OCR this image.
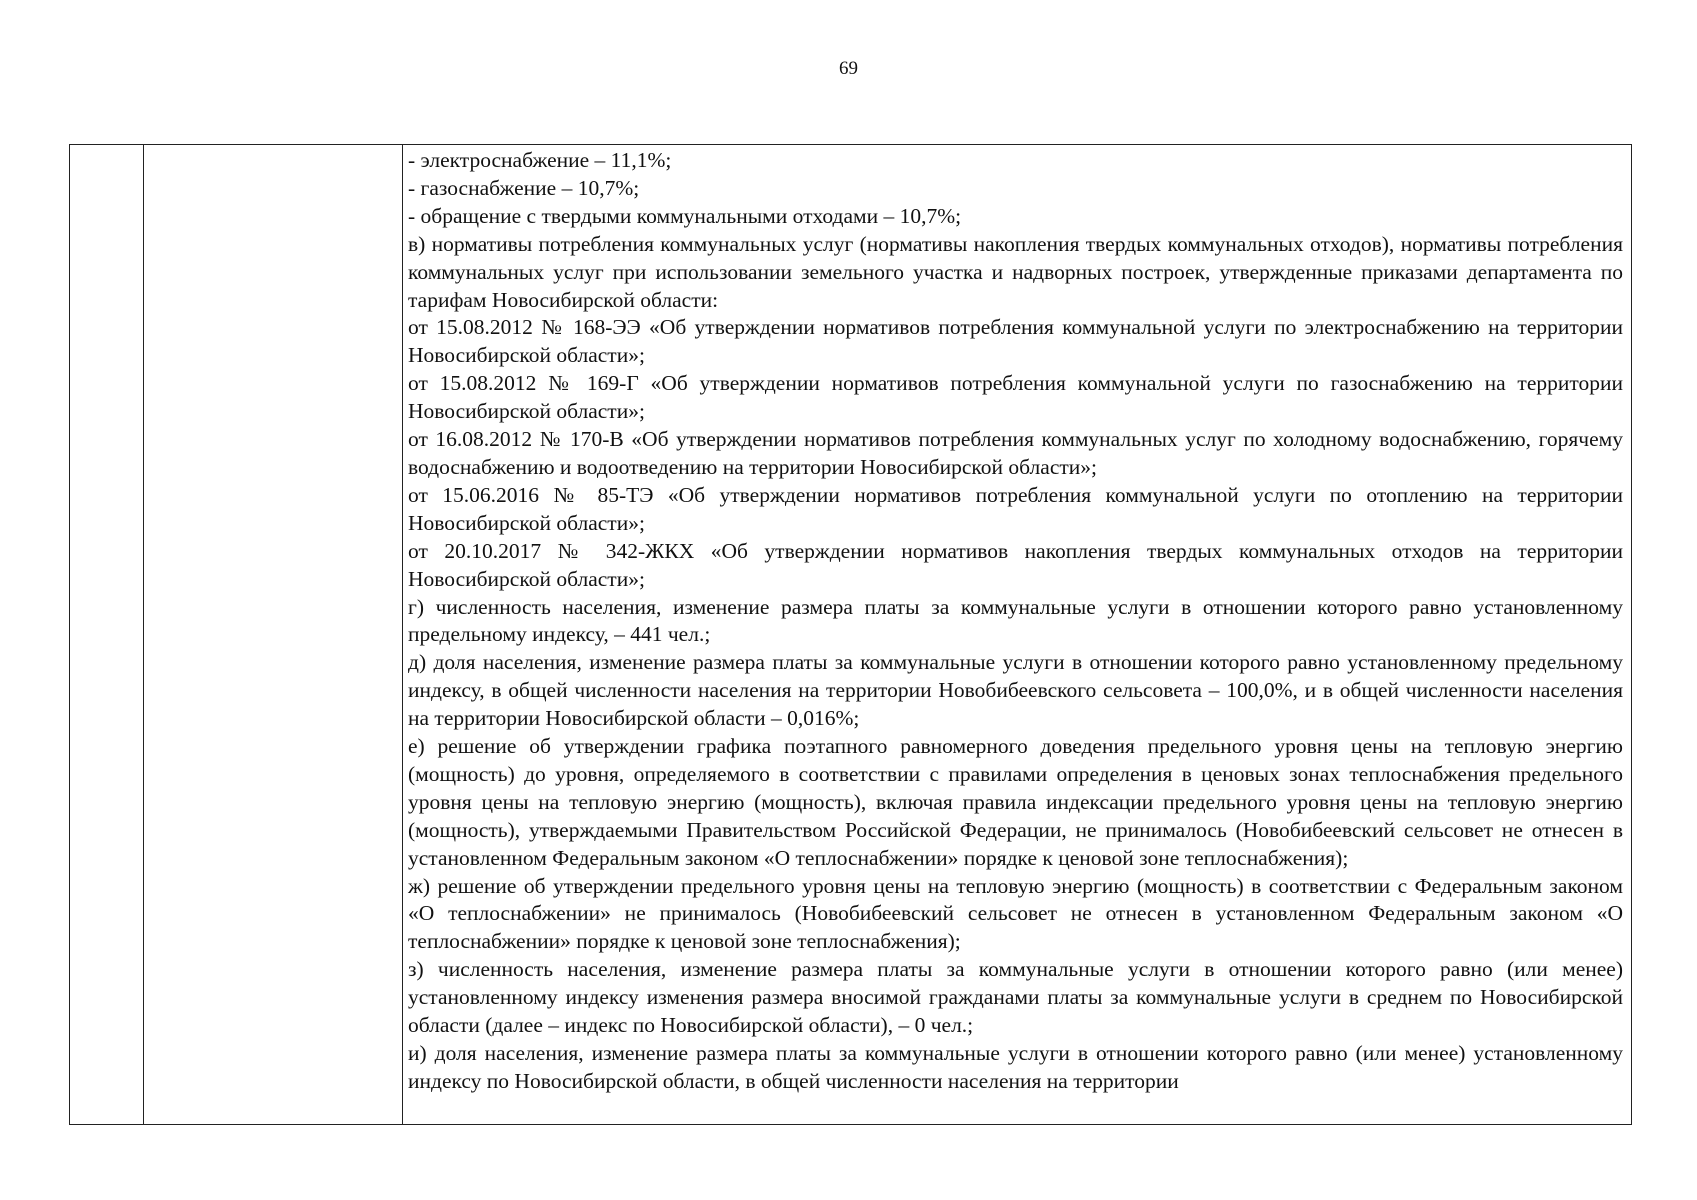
69

- электроснабжение – 11,1%;

- газоснабжение – 10,7%;

- обращение с твердыми коммунальными отходами – 10,7%;

в) нормативы потребления коммунальных услуг (нормативы накопления твердых коммунальных отходов), нормативы потребления коммунальных услуг при использовании земельного участка и надворных построек, утвержденные приказами департамента по тарифам Новосибирской области:

от 15.08.2012 № 168-ЭЭ «Об утверждении нормативов потребления коммунальной услуги по электроснабжению на территории Новосибирской области»;

от 15.08.2012 № 169-Г «Об утверждении нормативов потребления коммунальной услуги по газоснабжению на территории Новосибирской области»;

от 16.08.2012 № 170-В «Об утверждении нормативов потребления коммунальных услуг по холодному водоснабжению, горячему водоснабжению и водоотведению на территории Новосибирской области»;

от 15.06.2016 № 85-ТЭ «Об утверждении нормативов потребления коммунальной услуги по отоплению на территории Новосибирской области»;

от 20.10.2017 № 342-ЖКХ «Об утверждении нормативов накопления твердых коммунальных отходов на территории Новосибирской области»;

г) численность населения, изменение размера платы за коммунальные услуги в отношении которого равно установленному предельному индексу, – 441 чел.;

д) доля населения, изменение размера платы за коммунальные услуги в отношении которого равно установленному предельному индексу, в общей численности населения на территории Новобибеевского сельсовета – 100,0%, и в общей численности населения на территории Новосибирской области – 0,016%;

е) решение об утверждении графика поэтапного равномерного доведения предельного уровня цены на тепловую энергию (мощность) до уровня, определяемого в соответствии с правилами определения в ценовых зонах теплоснабжения предельного уровня цены на тепловую энергию (мощность), включая правила индексации предельного уровня цены на тепловую энергию (мощность), утверждаемыми Правительством Российской Федерации, не принималось (Новобибеевский сельсовет не отнесен в установленном Федеральным законом «О теплоснабжении» порядке к ценовой зоне теплоснабжения);

ж) решение об утверждении предельного уровня цены на тепловую энергию (мощность) в соответствии с Федеральным законом «О теплоснабжении» не принималось (Новобибеевский сельсовет не отнесен в установленном Федеральным законом «О теплоснабжении» порядке к ценовой зоне теплоснабжения);

з) численность населения, изменение размера платы за коммунальные услуги в отношении которого равно (или менее) установленному индексу изменения размера вносимой гражданами платы за коммунальные услуги в среднем по Новосибирской области (далее – индекс по Новосибирской области), – 0 чел.;

и) доля населения, изменение размера платы за коммунальные услуги в отношении которого равно (или менее) установленному индексу по Новосибирской области, в общей численности населения на территории
